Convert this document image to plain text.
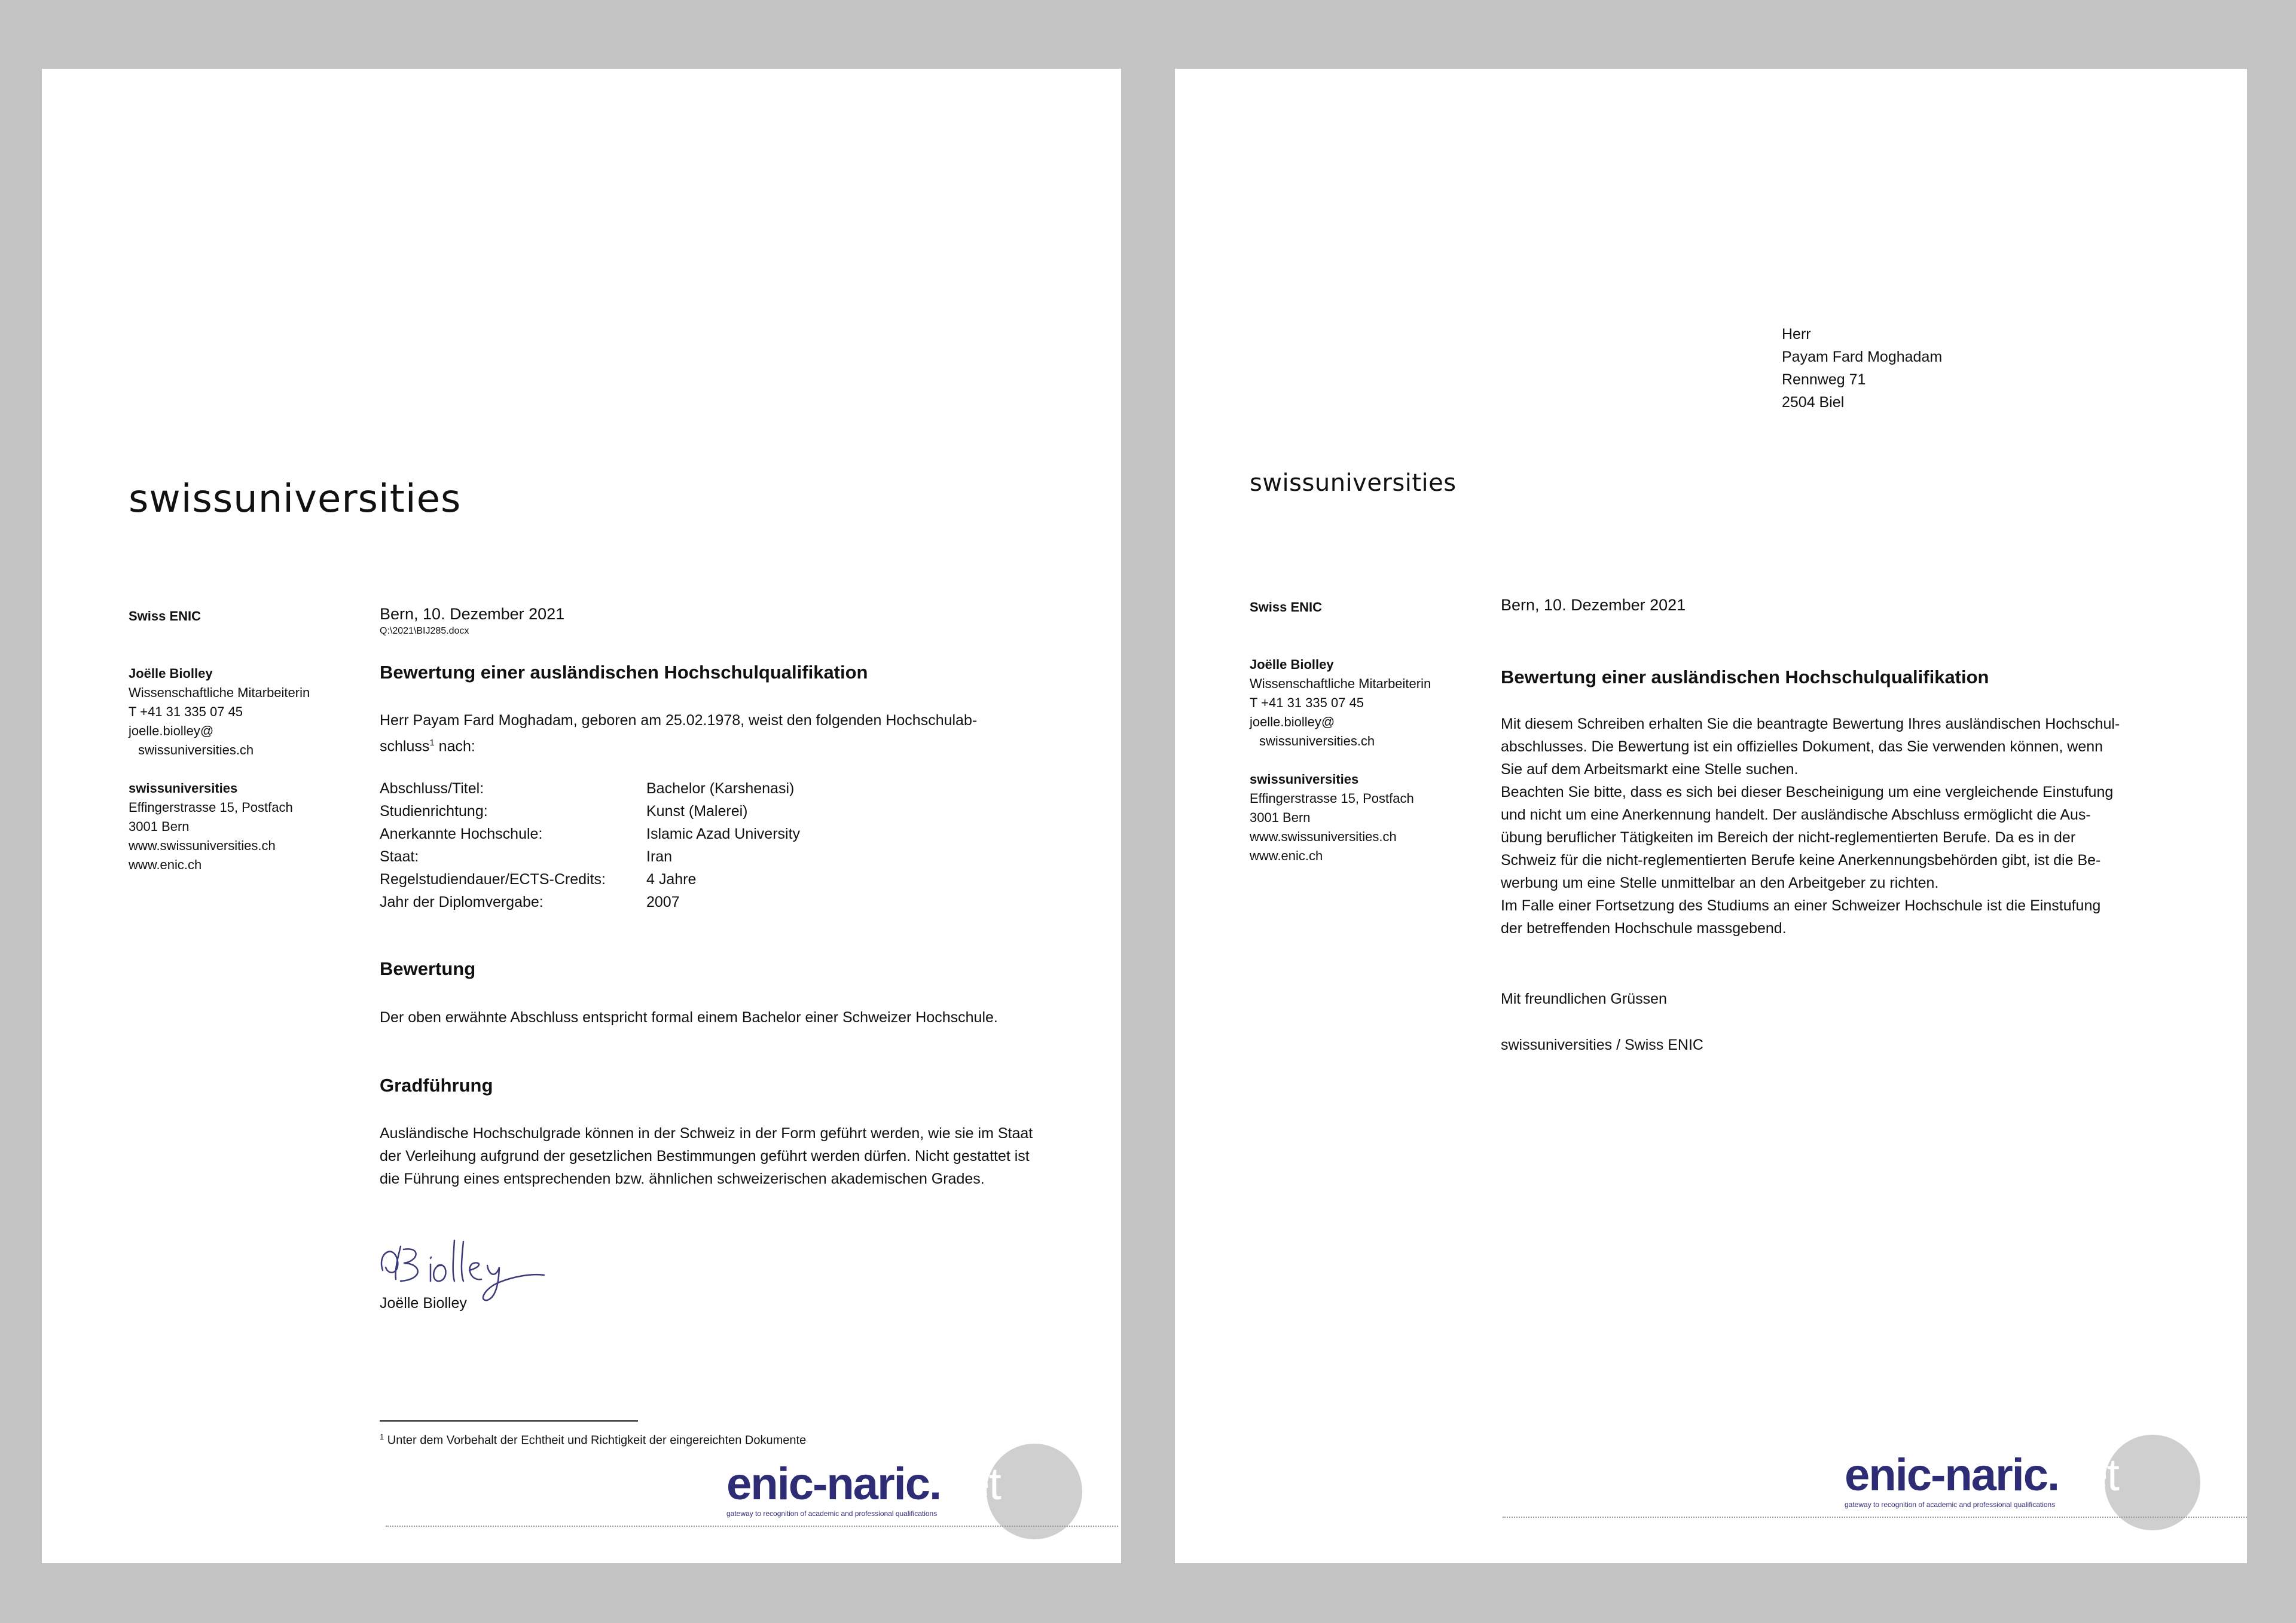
swissuniversities

Swiss ENIC

Joëlle Biolley

Wissenschaftliche Mitarbeiterin

T +41 31 335 07 45

joelle.biolley@

swissuniversities.ch

swissuniversities

Effingerstrasse 15, Postfach

3001 Bern

www.swissuniversities.ch

www.enic.ch

Bern, 10. Dezember 2021
Q:\2021\BIJ285.docx
Bewertung einer ausländischen Hochschulqualifikation
Herr Payam Fard Moghadam, geboren am 25.02.1978, weist den folgenden Hochschulab-
schluss$^1$ nach:
Abschluss/Titel:	Bachelor (Karshenasi)
Studienrichtung:	Kunst (Malerei)
Anerkannte Hochschule:	Islamic Azad University
Staat:	Iran
Regelstudiendauer/ECTS-Credits:	4 Jahre
Jahr der Diplomvergabe:	2007
Bewertung
Der oben erwähnte Abschluss entspricht formal einem Bachelor einer Schweizer Hochschule.
Gradführung
Ausländische Hochschulgrade können in der Schweiz in der Form geführt werden, wie sie im Staat
der Verleihung aufgrund der gesetzlichen Bestimmungen geführt werden dürfen. Nicht gestattet ist
die Führung eines entsprechenden bzw. ähnlichen schweizerischen akademischen Grades.
Joëlle Biolley
$^1$ Unter dem Vorbehalt der Echtheit und Richtigkeit der eingereichten Dokumente
enic-naric.net
gateway to recognition of academic and professional qualifications
Herr
Payam Fard Moghadam
Rennweg 71
2504 Biel
swissuniversities

Swiss ENIC

Joëlle Biolley

Wissenschaftliche Mitarbeiterin

T +41 31 335 07 45

joelle.biolley@

swissuniversities.ch

swissuniversities

Effingerstrasse 15, Postfach

3001 Bern

www.swissuniversities.ch

www.enic.ch

Bern, 10. Dezember 2021
Bewertung einer ausländischen Hochschulqualifikation
Mit diesem Schreiben erhalten Sie die beantragte Bewertung Ihres ausländischen Hochschul-
abschlusses. Die Bewertung ist ein offizielles Dokument, das Sie verwenden können, wenn
Sie auf dem Arbeitsmarkt eine Stelle suchen.
Beachten Sie bitte, dass es sich bei dieser Bescheinigung um eine vergleichende Einstufung
und nicht um eine Anerkennung handelt. Der ausländische Abschluss ermöglicht die Aus-
übung beruflicher Tätigkeiten im Bereich der nicht-reglementierten Berufe. Da es in der
Schweiz für die nicht-reglementierten Berufe keine Anerkennungsbehörden gibt, ist die Be-
werbung um eine Stelle unmittelbar an den Arbeitgeber zu richten.
Im Falle einer Fortsetzung des Studiums an einer Schweizer Hochschule ist die Einstufung
der betreffenden Hochschule massgebend.
Mit freundlichen Grüssen
swissuniversities / Swiss ENIC
enic-naric.net
gateway to recognition of academic and professional qualifications
